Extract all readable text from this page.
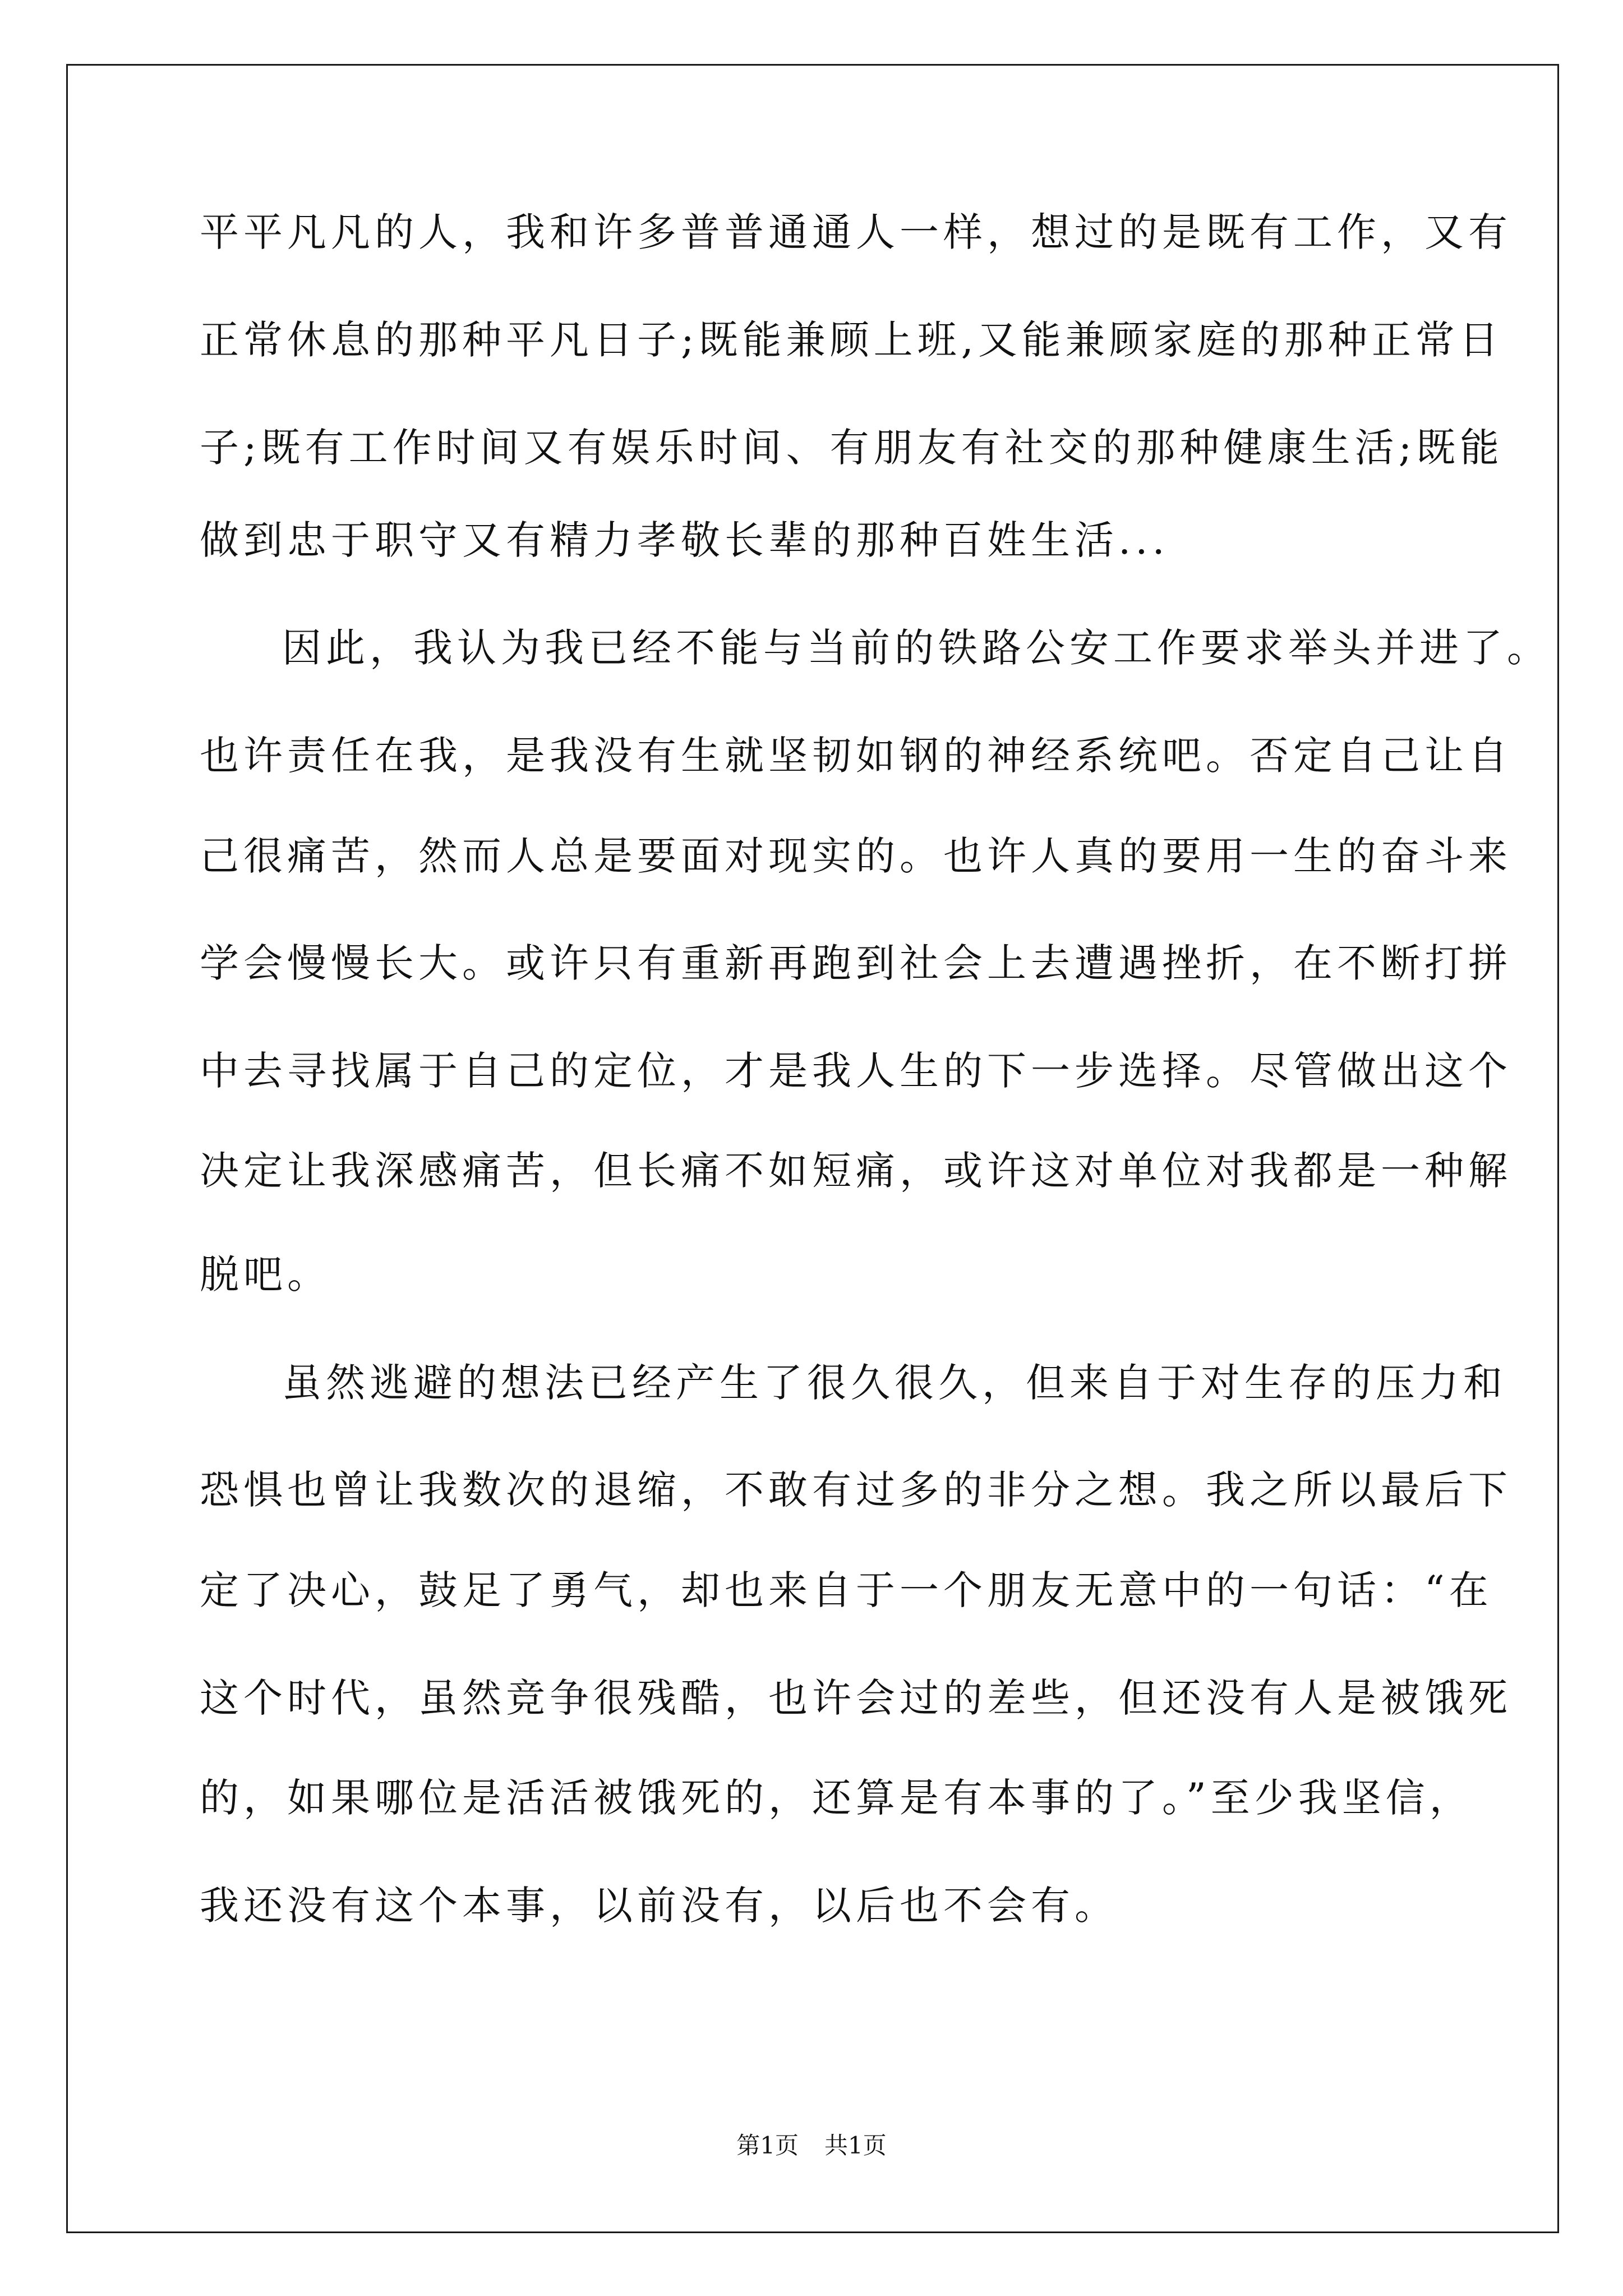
平平凡凡的人，我和许多普普通通人一样，想过的是既有工作，又有
正常休息的那种平凡日子;既能兼顾上班,又能兼顾家庭的那种正常日
子;既有工作时间又有娱乐时间、有朋友有社交的那种健康生活;既能
做到忠于职守又有精力孝敬长辈的那种百姓生活...
因此，我认为我已经不能与当前的铁路公安工作要求举头并进了。
也许责任在我，是我没有生就坚韧如钢的神经系统吧。否定自己让自
己很痛苦，然而人总是要面对现实的。也许人真的要用一生的奋斗来
学会慢慢长大。或许只有重新再跑到社会上去遭遇挫折，在不断打拼
中去寻找属于自己的定位，才是我人生的下一步选择。尽管做出这个
决定让我深感痛苦，但长痛不如短痛，或许这对单位对我都是一种解
脱吧。
虽然逃避的想法已经产生了很久很久，但来自于对生存的压力和
恐惧也曾让我数次的退缩，不敢有过多的非分之想。我之所以最后下
定了决心，鼓足了勇气，却也来自于一个朋友无意中的一句话：“在
这个时代，虽然竞争很残酷，也许会过的差些，但还没有人是被饿死
的，如果哪位是活活被饿死的，还算是有本事的了。”至少我坚信，
我还没有这个本事，以前没有，以后也不会有。
第1页 共1页
